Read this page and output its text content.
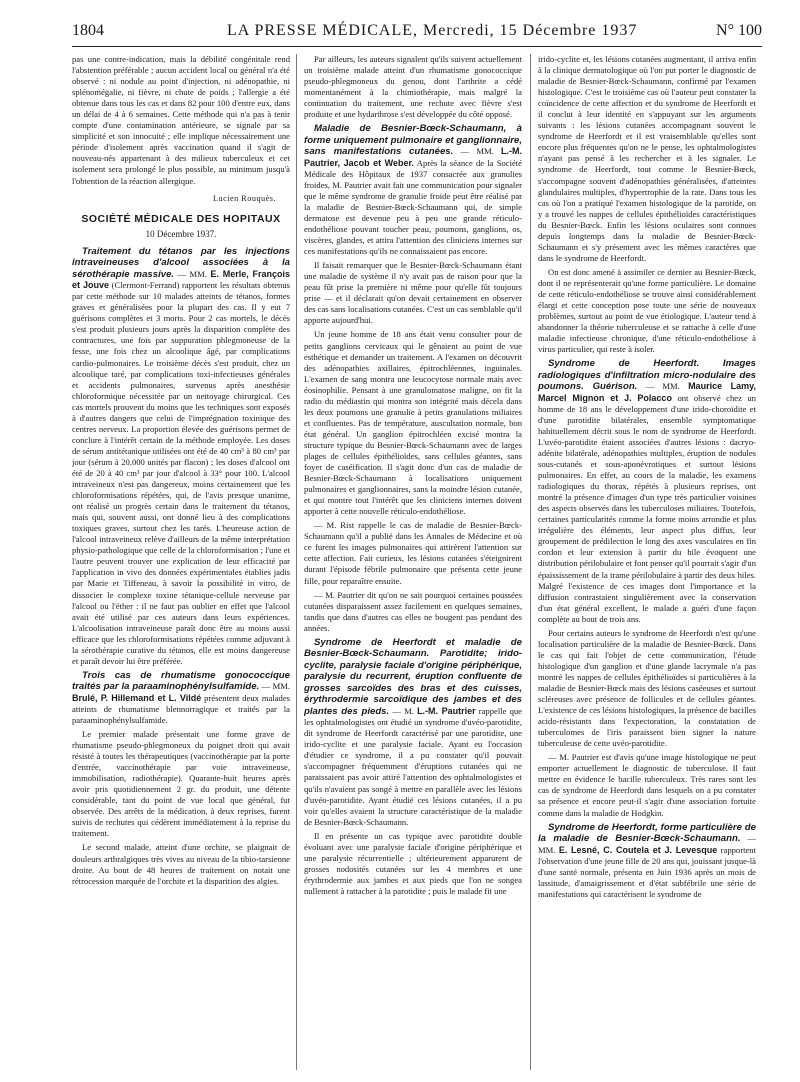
1804	LA PRESSE MÉDICALE, Mercredi, 15 Décembre 1937	N° 100

pas une contre-indication, mais la débilité congénitale rend l'abstention préférable ; aucun accident local ou général n'a été observé : ni nodule au point d'injection, ni adénopathie, ni splénomégalie, ni fièvre, ni chute de poids ; l'allergie a été obtenue dans tous les cas et dans 82 pour 100 d'entre eux, dans un délai de 4 à 6 semaines. Cette méthode qui n'a pas à tenir compte d'une contamination antérieure, se signale par sa simplicité et son innocuité ; elle implique nécessairement une période d'isolement après vaccination quand il s'agit de nouveau-nés appartenant à des milieux tuberculeux et cet isolement sera prolongé le plus possible, au minimum jusqu'à l'obtention de la réaction allergique.

Lucien Rouquès.
SOCIÉTÉ MÉDICALE DES HOPITAUX
10 Décembre 1937.

Traitement du tétanos par les injections intraveineuses d'alcool associées à la sérothérapie massive. — MM. E. Merle, François et Jouve (Clermont-Ferrand) rapportent les résultats obtenus par cette méthode sur 10 malades atteints de tétanos, formes graves et généralisées pour la plupart des cas. Il y eut 7 guérisons complètes et 3 morts. Pour 2 cas mortels, le décès s'est produit plusieurs jours après la disparition complète des contractures, une fois par suppuration phlegmoneuse de la fesse, une fois chez un alcoolique âgé, par complications cardio-pulmonaires. Le troisième décès s'est produit, chez un alcoolique taré, par complications toxi-infectieuses générales et accidents pulmonaires, survenus après anesthésie chloroformique nécessitée par un nettoyage chirurgical. Ces cas mortels prouvent du moins que les techniques sont exposés à d'autres dangers que celui de l'imprégnation toxinique des centres nerveux. La proportion élevée des guérisons permet de conclure à l'intérêt certain de la méthode employée. Les doses de sérum antitétanique utilisées ont été de 40 cm³ à 80 cm³ par jour (sérum à 20.000 unités par flacon) ; les doses d'alcool ont été de 20 à 40 cm³ par jour d'alcool à 33° pour 100. L'alcool intraveineux n'est pas dangereux, moins certainement que les chloroformisations répétées, qui, de l'avis presque unanime, ont réalisé un progrès certain dans le traitement du tétanos, mais qui, souvent aussi, ont donné lieu à des complications toxiques graves, surtout chez les tarés. L'heureuse action de l'alcool intraveineux relève d'ailleurs de la même interprétation physio-pathologique que celle de la chloroformisation ; l'une et l'autre peuvent trouver une explication de leur efficacité par l'application in vivo des données expérimentales établies jadis par Marie et Tiffeneau, à savoir la possibilité in vitro, de dissocier le complexe toxine tétanique-cellule nerveuse par l'alcool ou l'éther : il ne faut pas oublier en effet que l'alcool avait été utilisé par ces auteurs dans leurs expériences. L'alcoolisation intraveineuse paraît donc être au moins aussi efficace que les chloroformisations répétées comme adjuvant à la sérothérapie curative du tétanos, elle est moins dangereuse et paraît devoir lui être préférée.

Trois cas de rhumatisme gonococcique traités par la paraaminophénylsulfamide. — MM. Brulé, P. Hillemand et L. Vildé présentent deux malades atteints de rhumatisme blennorragique et traités par la paraaminophénylsulfamide.

Le premier malade présentait une forme grave de rhumatisme pseudo-phlegmoneux du poignet droit qui avait résisté à toutes les thérapeutiques (vaccinothérapie par la porte d'entrée, vaccinothérapie par voie intraveineuse, immobilisation, radiothérapie). Quarante-huit heures après avoir pris quotidiennement 2 gr. du produit, une détente considérable, tant du point de vue local que général, fut observée. Des arrêts de la médication, à deux reprises, furent suivis de rechutes qui cédèrent immédiatement à la reprise du traitement.

Le second malade, atteint d'une orchite, se plaignait de douleurs arthralgiques très vives au niveau de la tibio-tarsienne droite. Au bout de 48 heures de traitement on notait une rétrocession marquée de l'orchite et la disparition des algies.

Par ailleurs, les auteurs signalent qu'ils suivent actuellement un troisième malade atteint d'un rhumatisme gonococcique pseudo-phlegmoneux du genou, dont l'arthrite a cédé momentanément à la chimiothérapie, mais malgré la continuation du traitement, une rechute avec fièvre s'est produite et une hydarthrose s'est développée du côté opposé.

Maladie de Besnier-Bœck-Schaumann, à forme uniquement pulmonaire et ganglionnaire, sans manifestations cutanées. — MM. L.-M. Pautrier, Jacob et Weber. Après la séance de la Société Médicale des Hôpitaux de 1937 consacrée aux granulies froides, M. Pautrier avait fait une communication pour signaler que le même syndrome de granulie froide peut être réalisé par la maladie de Besnier-Bœck-Schaumann qui, de simple dermatose est devenue peu à peu une grande réticulo-endothéliose pouvant toucher peau, poumons, ganglions, os, viscères, glandes, et attira l'attention des cliniciens internes sur ces manifestations qu'ils ne connaissaient pas encore.

Il faisait remarquer que le Besnier-Bœck-Schaumann étant une maladie de système il n'y avait pas de raison pour que la peau fût prise la première ni même pour qu'elle fût toujours prise — et il déclarait qu'on devait certainement en observer des cas sans localisations cutanées. C'est un cas semblable qu'il apporte aujourd'hui.

Un jeune homme de 18 ans était venu consulter pour de petits ganglions cervicaux qui le gênaient au point de vue esthétique et demander un traitement. A l'examen on découvrit des adénopathies axillaires, épitrochléennes, inguinales. L'examen de sang montra une leucocytose normale mais avec éosinophilie. Pensant à une granulomatose maligne, on fit la radio du médiastin qui montra son intégrité mais décela dans les deux poumons une granulie à petits granulations miliaires et confluentes. Pas de température, auscultation normale, bon état général. Un ganglion épitrochléen excisé montra la structure typique du Besnier-Bœck-Schaumann avec de larges plages de cellules épithélioïdes, sans cellules géantes, sans foyer de caséification. Il s'agit donc d'un cas de maladie de Besnier-Bœck-Schaumann à localisations uniquement pulmonaires et ganglionnaires, sans la moindre lésion cutanée, et qui montre tout l'intérêt que les cliniciens internes doivent apporter à cette nouvelle réticulo-endothéliose.

— M. Rist rappelle le cas de maladie de Besnier-Bœck-Schaumann qu'il a publié dans les Annales de Médecine et où ce furent les images pulmonaires qui attirèrent l'attention sur cette affection. Fait curieux, les lésions cutanées s'éteignirent durant l'épisode fébrile pulmonaire que présenta cette jeune fille, pour reparaître ensuite.

— M. Pautrier dit qu'on ne sait pourquoi certaines poussées cutanées disparaissent assez facilement en quelques semaines, tandis que dans d'autres cas elles ne bougent pas pendant des années.

Syndrome de Heerfordt et maladie de Besnier-Bœck-Schaumann. Parotidite; irido-cyclite, paralysie faciale d'origine périphérique, paralysie du recurrent, éruption confluente de grosses sarcoïdes des bras et des cuisses, érythrodermie sarcoïdique des jambes et des plantes des pieds. — M. L.-M. Pautrier rappelle que les ophtalmologistes ont étudié un syndrome d'uvéo-parotidite, dit syndrome de Heerfordt caractérisé par une parotidite, une irido-cyclite et une paralysie faciale. Ayant eu l'occasion d'étudier ce syndrome, il a pu constater qu'il pouvait s'accompagner fréquemment d'éruptions cutanées qui ne paraissaient pas avoir attiré l'attention des ophtalmologistes et qu'ils n'avaient pas songé à mettre en parallèle avec les lésions d'uvéo-parotidite. Ayant étudié ces lésions cutanées, il a pu voir qu'elles avaient la structure caractéristique de la maladie de Besnier-Bœck-Schaumann.

Il en présente un cas typique avec parotidite double évoluant avec une paralysie faciale d'origine périphérique et une paralysie récurrentielle ; ultérieurement apparurent de grosses nodosités cutanées sur les 4 membres et une érythrodermie aux jambes et aux pieds que l'on ne songea nullement à rattacher à la parotidite ; puis le malade fit une

irido-cyclite et, les lésions cutanées augmentant, il arriva enfin à la clinique dermatologique où l'on put porter le diagnostic de maladie de Besnier-Bœck-Schaumann, confirmé par l'examen histologique. C'est le troisième cas où l'auteur peut constater la coïncidence de cette affection et du syndrome de Heerfordt et il conclut à leur identité en s'appuyant sur les arguments suivants : les lésions cutanées accompagnant souvent le syndrome de Heerfordt et il est vraisemblable qu'elles sont encore plus fréquentes qu'on ne le pense, les ophtalmologistes n'ayant pas pensé à les rechercher et à les signaler. Le syndrome de Heerfordt, tout comme le Besnier-Bœck, s'accompagne souvent d'adénopathies généralisées, d'atteintes glandulaires multiples, d'hypertrophie de la rate. Dans tous les cas où l'on a pratiqué l'examen histologique de la parotide, on y a trouvé les nappes de cellules épithélioïdes caractéristiques du Besnier-Bœck. Enfin les lésions oculaires sont connues depuis longtemps dans la maladie de Besnier-Bœck-Schaumann et s'y présentent avec les mêmes caractères que dans le syndrome de Heerfordt.

On est donc amené à assimiler ce dernier au Besnier-Bœck, dont il ne représenterait qu'une forme particulière. Le domaine de cette réticulo-endothéliose se trouve ainsi considérablement élargi et cette conception pose toute une série de nouveaux problèmes, surtout au point de vue étiologique. L'auteur tend à abandonner la théorie tuberculeuse et se rattache à celle d'une maladie infectieuse chronique, d'une réticulo-endothéliose à virus particulier, qui reste à isoler.

Syndrome de Heerfordt. Images radiologiques d'infiltration micro-nodulaire des poumons. Guérison. — MM. Maurice Lamy, Marcel Mignon et J. Polacco ont observé chez un homme de 18 ans le développement d'une irido-choroïdite et d'une parotidite bilatérales, ensemble symptomatique habituellement décrit sous le nom de syndrome de Heerfordt. L'uvéo-parotidite étaient associées d'autres lésions : dacryo-adénite bilatérale, adénopathies multiples, éruption de nodules sous-cutanés et sous-aponévrotiques et surtout lésions pulmonaires. En effet, au cours de la maladie, les examens radiologiques du thorax, répétés à plusieurs reprises, ont montré la présence d'images d'un type très particulier voisines des aspects observés dans les tuberculoses miliaires. Toutefois, certaines particularités comme la forme moins arrondie et plus irrégulière des éléments, leur aspect plus diffus, leur groupement de prédilection le long des axes vasculaires en fin cordon et leur extension à partir du hile évoquent une distribution périlobulaire et font penser qu'il pourrait s'agir d'un épaississement de la trame périlobulaire à partir des deux hiles. Malgré l'existence de ces images dont l'importance et la diffusion contrastaient singulièrement avec la conservation d'un état général excellent, le malade a guéri d'une façon complète au bout de trois ans.

Pour certains auteurs le syndrome de Heerfordt n'est qu'une localisation particulière de la maladie de Besnier-Bœck. Dans le cas qui fait l'objet de cette communication, l'étude histologique d'un ganglion et d'une glande lacrymale n'a pas montré les nappes de cellules épithélioïdes si particulières à la maladie de Besnier-Bœck mais des lésions caséeuses et surtout scléreuses avec présence de follicules et de cellules géantes. L'existence de ces lésions histologiques, la présence de bacilles acido-résistants dans l'expectoration, la constatation de tuberculomes de l'iris paraissent bien signer la nature tuberculeuse de cette uvéo-parotidite.

— M. Pautrier est d'avis qu'une image histologique ne peut emporter actuellement le diagnostic de tuberculose. Il faut mettre en évidence le bacille tuberculeux. Très rares sont les cas de syndrome de Heerfordt dans lesquels on a pu constater sa présence et encore peut-il s'agir d'une association fortuite comme dans la maladie de Hodgkin.

Syndrome de Heerfordt, forme particulière de la maladie de Besnier-Bœck-Schaumann. — MM. E. Lesné, C. Coutela et J. Levesque rapportent l'observation d'une jeune fille de 20 ans qui, jouissant jusque-là d'une santé normale, présenta en Juin 1936 après un mois de lassitude, d'amaigrissement et d'état subfébrile une série de manifestations qui caractérisent le syndrome de
